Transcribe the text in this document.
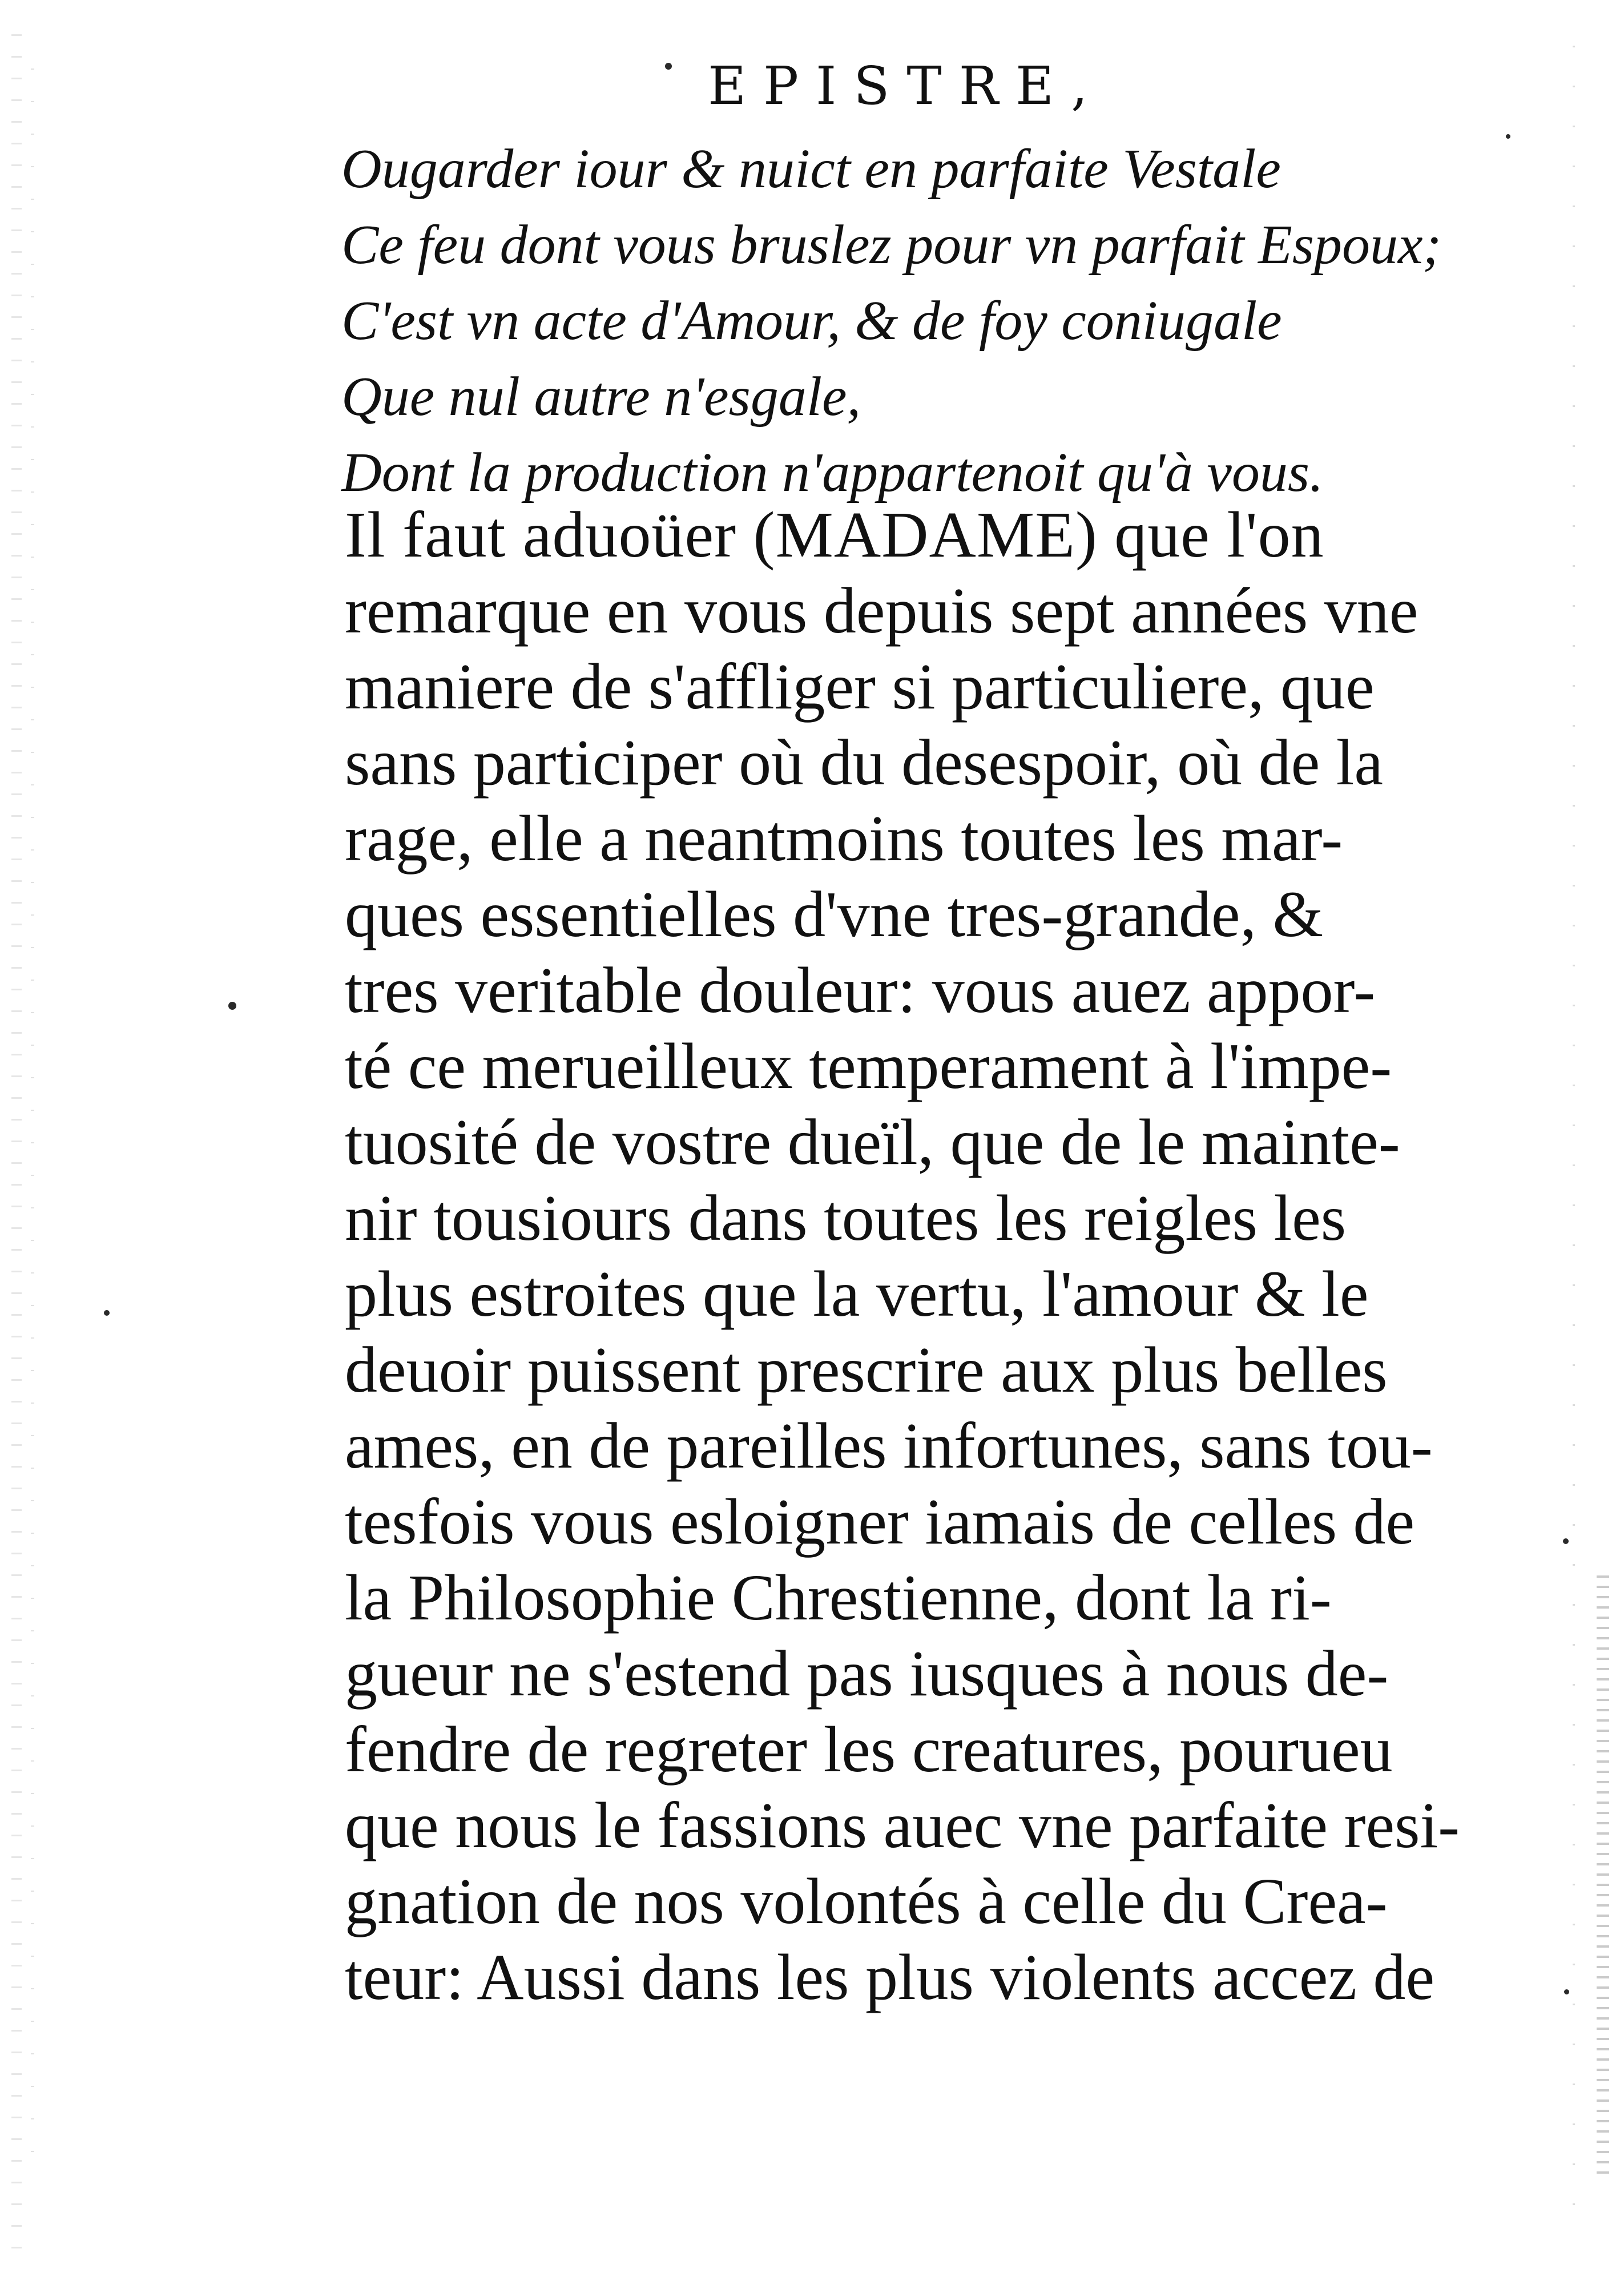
EPISTRE,
Ougarder iour & nuict en parfaite Vestale
Ce feu dont vous bruslez pour vn parfait Espoux;
C'est vn acte d'Amour, & de foy coniugale
Que nul autre n'esgale,
Dont la production n'appartenoit qu'à vous.
Il faut aduoüer (MADAME) que l'on
remarque en vous depuis sept années vne
maniere de s'affliger si particuliere, que
sans participer où du desespoir, où de la
rage, elle a neantmoins toutes les mar-
ques essentielles d'vne tres-grande, &
tres veritable douleur: vous auez appor-
té ce merueilleux temperament à l'impe-
tuosité de vostre dueïl, que de le mainte-
nir tousiours dans toutes les reigles les
plus estroites que la vertu, l'amour & le
deuoir puissent prescrire aux plus belles
ames, en de pareilles infortunes, sans tou-
tesfois vous esloigner iamais de celles de
la Philosophie Chrestienne, dont la ri-
gueur ne s'estend pas iusques à nous de-
fendre de regreter les creatures, pourueu
que nous le fassions auec vne parfaite resi-
gnation de nos volontés à celle du Crea-
teur: Aussi dans les plus violents accez de
